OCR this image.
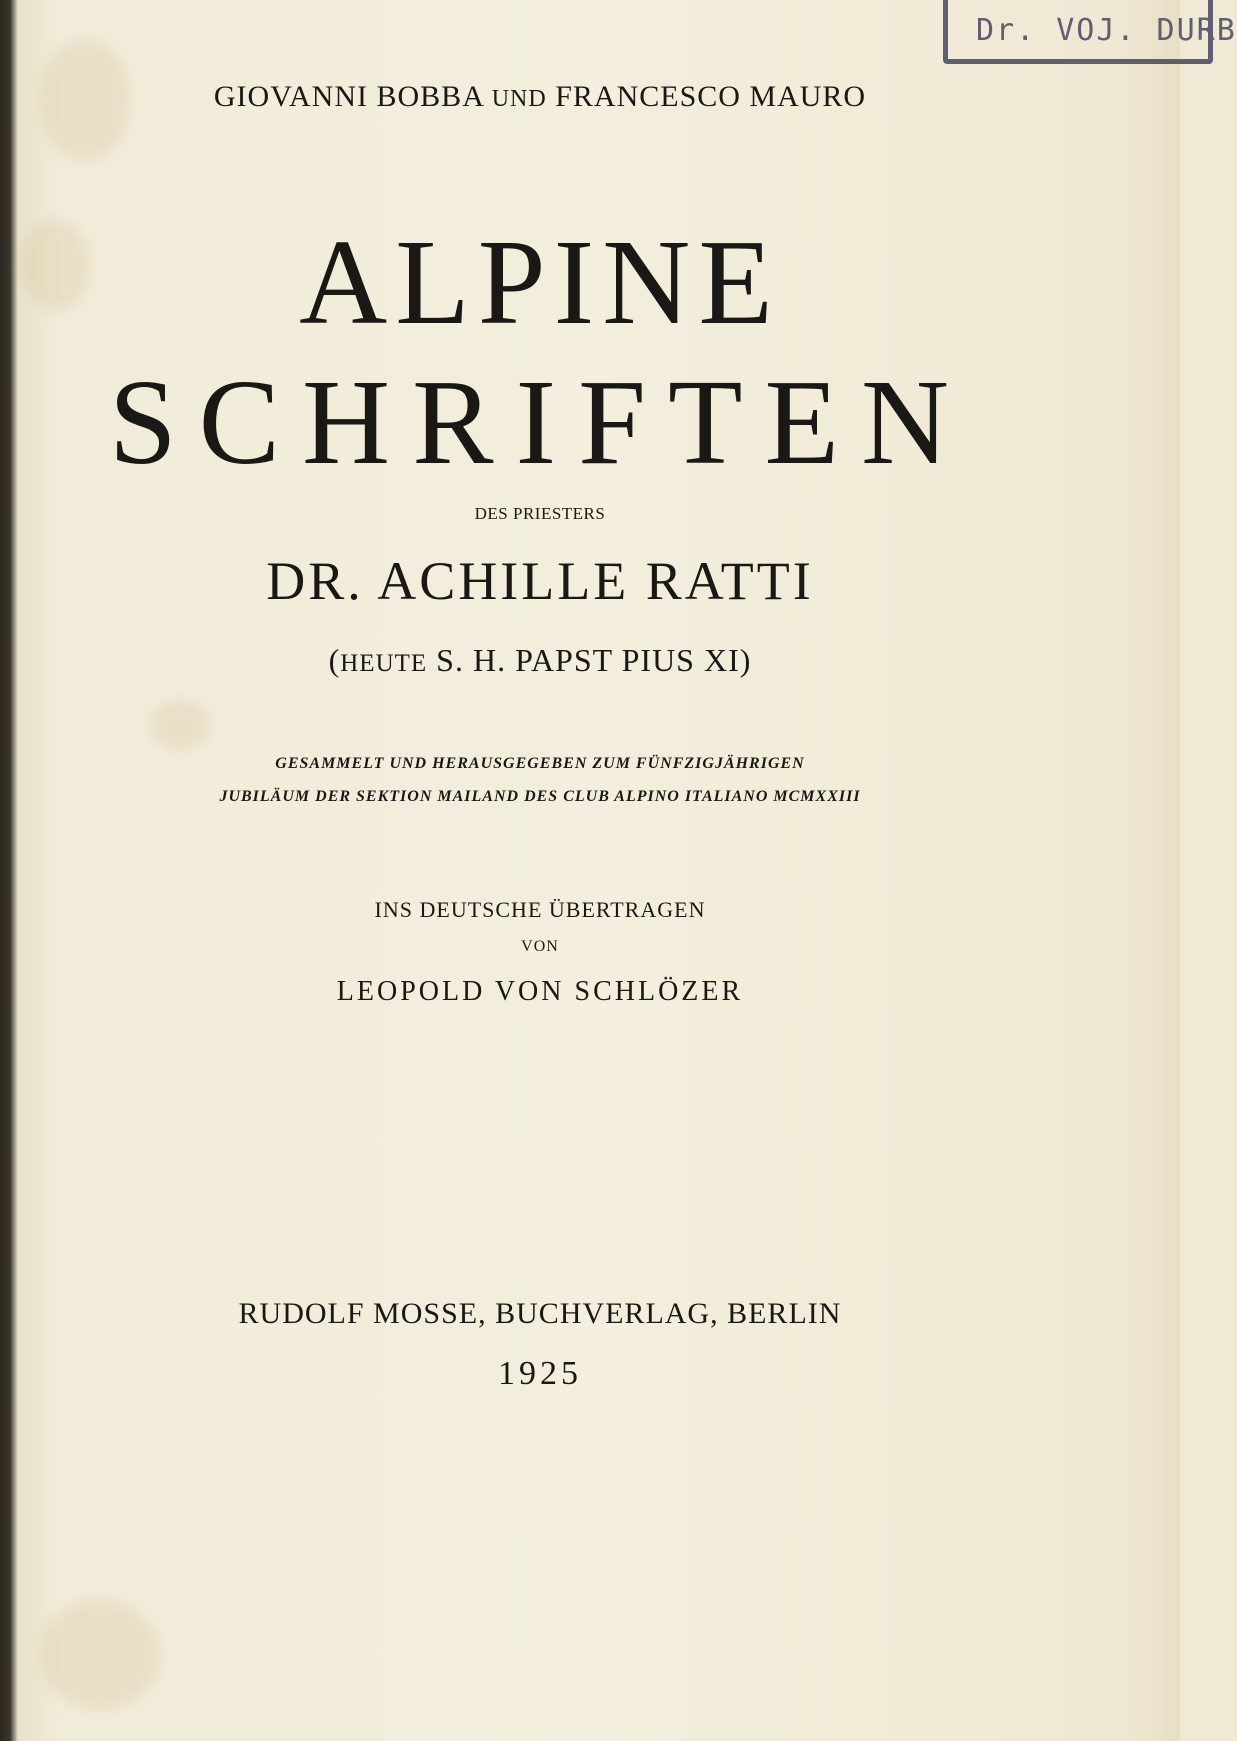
Dr. VOJ. DURB
GIOVANNI BOBBA UND FRANCESCO MAURO
ALPINE
SCHRIFTEN
DES PRIESTERS
DR. ACHILLE RATTI
(HEUTE S. H. PAPST PIUS XI)
GESAMMELT UND HERAUSGEGEBEN ZUM FÜNFZIGJÄHRIGEN
JUBILÄUM DER SEKTION MAILAND DES CLUB ALPINO ITALIANO MCMXXIII
INS DEUTSCHE ÜBERTRAGEN
VON
LEOPOLD VON SCHLÖZER
RUDOLF MOSSE, BUCHVERLAG, BERLIN
1925
